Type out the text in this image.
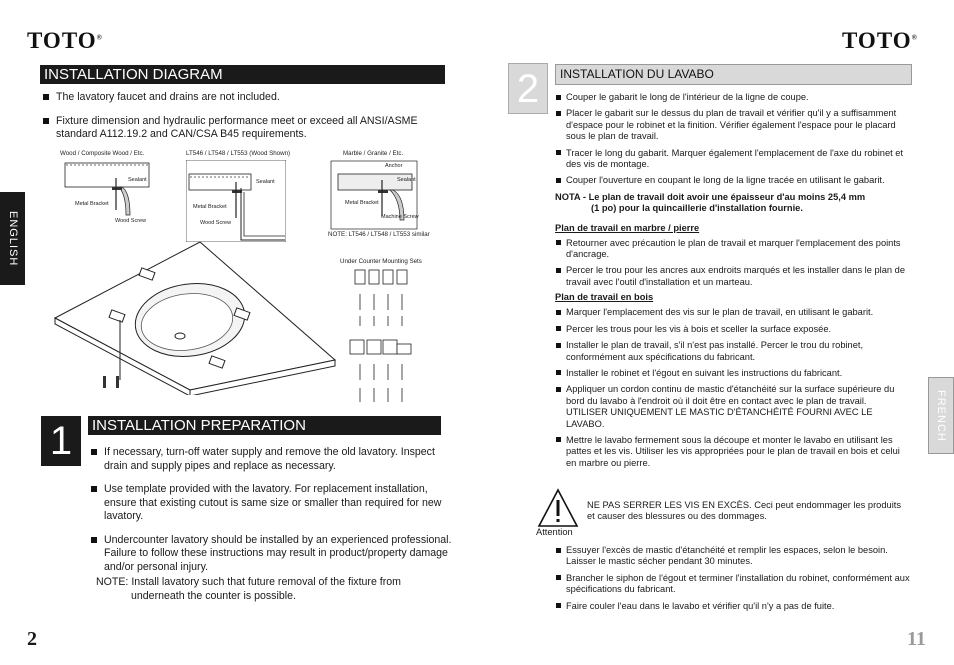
TOTO®
INSTALLATION DIAGRAM
The lavatory faucet and drains are not included.
Fixture dimension and hydraulic performance meet or exceed all ANSI/ASME standard A112.19.2 and CAN/CSA B45 requirements.
Wood / Composite Wood / Etc.
Sealant
Metal Bracket
Wood Screw
LT546 / LT548 / LT553 (Wood Shown)
Sealant
Metal Bracket
Wood Screw
Marble / Granite / Etc.
Anchor
Sealant
Metal Bracket
Machine Screw
NOTE: LT546 / LT548 / LT553 similar
Under Counter Mounting Sets
ENGLISH
1	INSTALLATION PREPARATION
If necessary, turn-off water supply and remove the old lavatory. Inspect drain and supply pipes and replace as necessary.
Use template provided with the lavatory. For replacement installation, ensure that existing cutout is same size or smaller than required for new lavatory.
Undercounter lavatory should be installed by an experienced professional. Failure to follow these instructions may result in product/property damage and/or personal injury.
NOTE: Install lavatory such that future removal of the fixture from
underneath the counter is possible.
2
TOTO®
2	INSTALLATION DU LAVABO
Couper le gabarit le long de l'intérieur de la ligne de coupe.
Placer le gabarit sur le dessus du plan de travail et vérifier qu'il y a suffisamment d'espace pour le robinet et la finition. Vérifier également l'espace pour le placard sous le plan de travail.
Tracer le long du gabarit. Marquer également l'emplacement de l'axe du robinet et des vis de montage.
Couper l'ouverture en coupant le long de la ligne tracée en utilisant le gabarit.
NOTA - Le plan de travail doit avoir une épaisseur d'au moins 25,4 mm
(1 po) pour la quincaillerie d'installation fournie.
Plan de travail en marbre / pierre
Retourner avec précaution le plan de travail et marquer l'emplacement des points d'ancrage.
Percer le trou pour les ancres aux endroits marqués et les installer dans le plan de travail avec l'outil d'installation et un marteau.
Plan de travail en bois
Marquer l'emplacement des vis sur le plan de travail, en utilisant le gabarit.
Percer les trous pour les vis à bois et sceller la surface exposée.
Installer le plan de travail, s'il n'est pas installé. Percer le trou du robinet, conformément aux spécifications du fabricant.
Installer le robinet et l'égout en suivant les instructions du fabricant.
Appliquer un cordon continu de mastic d'étanchéité sur la surface supérieure du bord du lavabo à l'endroit où il doit être en contact avec le plan de travail. UTILISER UNIQUEMENT LE MASTIC D'ÉTANCHÉITÉ FOURNI AVEC LE LAVABO.
Mettre le lavabo fermement sous la découpe et monter le lavabo en utilisant les pattes et les vis. Utiliser les vis appropriées pour le plan de travail en bois et celui en marbre ou pierre.
Attention
NE PAS SERRER LES VIS EN EXCÈS. Ceci peut endommager les produits et causer des blessures ou des dommages.
Essuyer l'excès de mastic d'étanchéité et remplir les espaces, selon le besoin. Laisser le mastic sécher pendant 30 minutes.
Brancher le siphon de l'égout et terminer l'installation du robinet, conformément aux spécifications du fabricant.
Faire couler l'eau dans le lavabo et vérifier qu'il n'y a pas de fuite.
FRENCH
11
